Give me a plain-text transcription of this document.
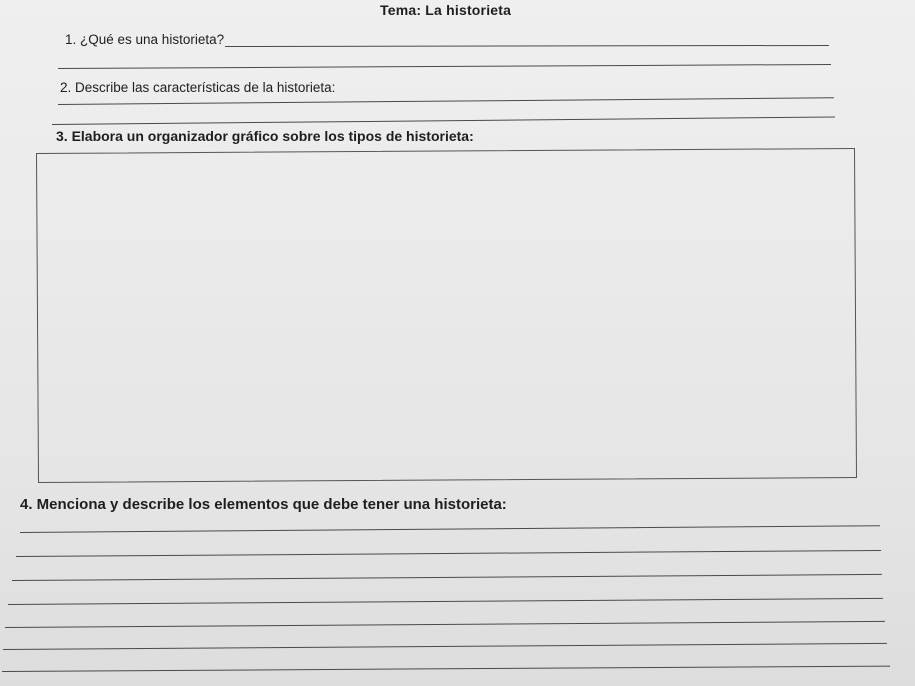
Tema: La historieta
1. ¿Qué es una historieta?
2. Describe las características de la historieta:
3. Elabora un organizador gráfico sobre los tipos de historieta:
4. Menciona y describe los elementos que debe tener una historieta:
